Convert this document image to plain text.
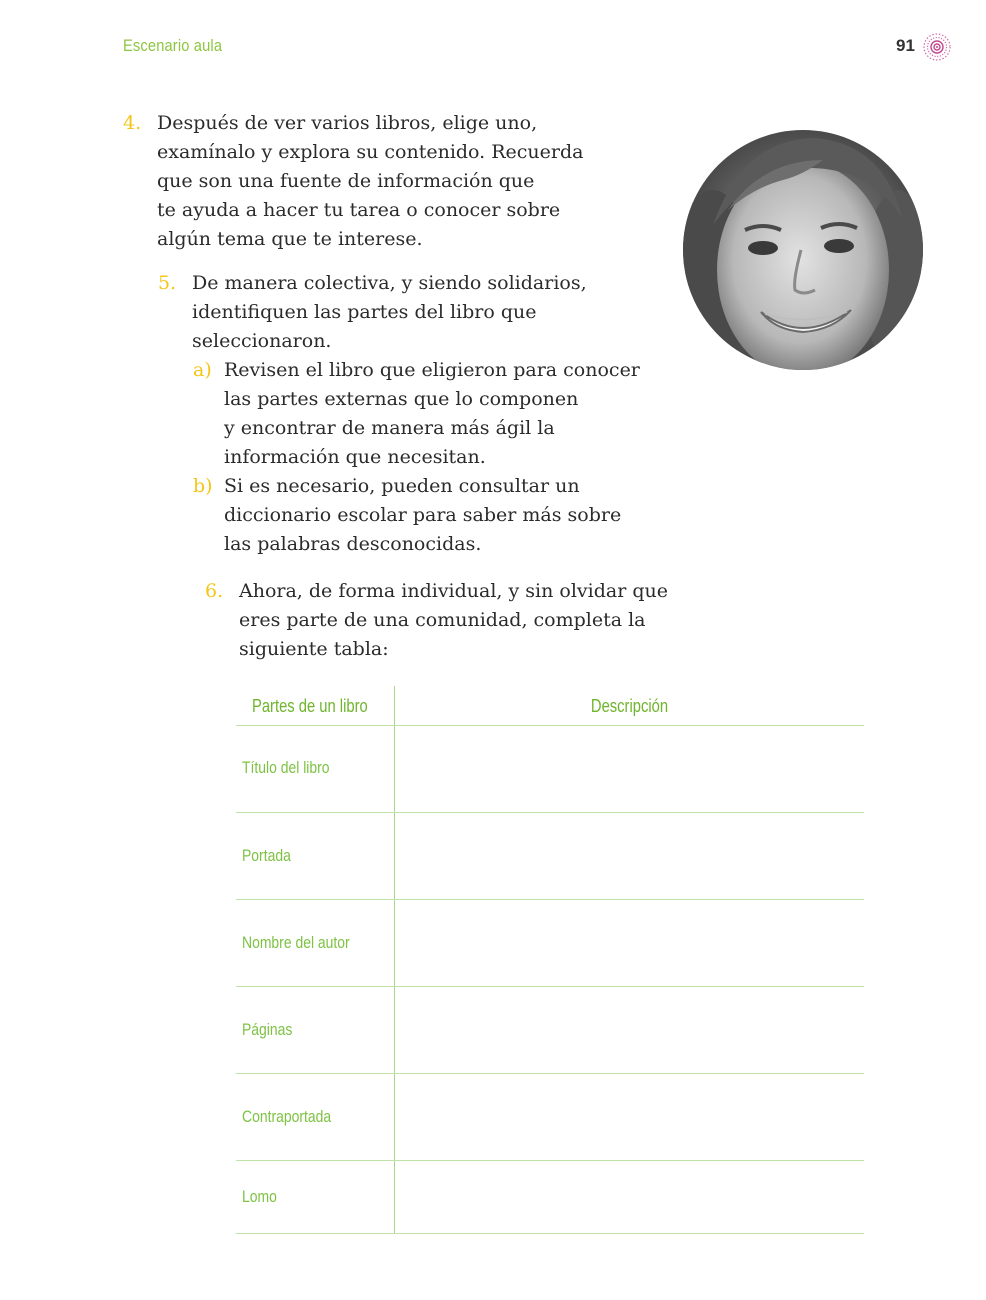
Escenario aula	91
4. Después de ver varios libros, elige uno,
examínalo y explora su contenido. Recuerda
que son una fuente de información que
te ayuda a hacer tu tarea o conocer sobre
algún tema que te interese.
5. De manera colectiva, y siendo solidarios,
identifiquen las partes del libro que
seleccionaron.
a) Revisen el libro que eligieron para conocer
las partes externas que lo componen
y encontrar de manera más ágil la
información que necesitan.
b) Si es necesario, pueden consultar un
diccionario escolar para saber más sobre
las palabras desconocidas.
6. Ahora, de forma individual, y sin olvidar que
eres parte de una comunidad, completa la
siguiente tabla:
Partes de un libro	Descripción
Título del libro
Portada
Nombre del autor
Páginas
Contraportada
Lomo
